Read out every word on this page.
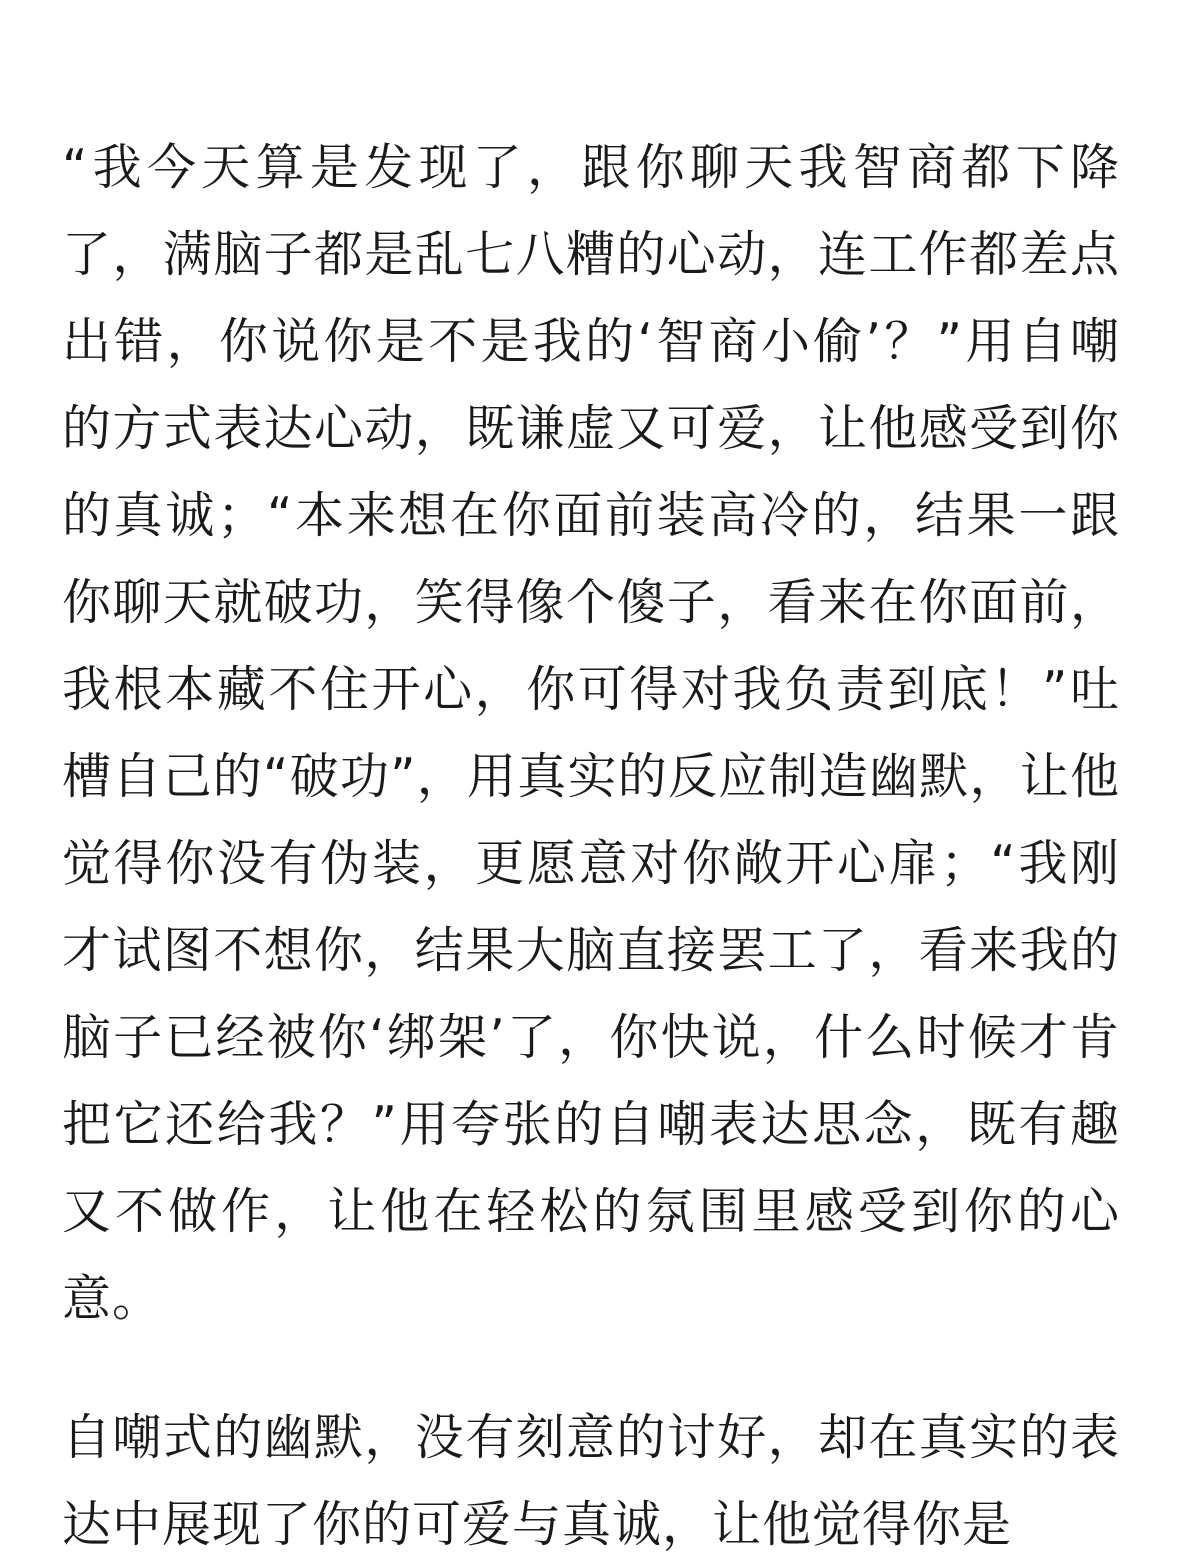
“我今天算是发现了，跟你聊天我智商都下降了，满脑子都是乱七八糟的心动，连工作都差点出错，你说你是不是我的‘智商小偷’？”用自嘲的方式表达心动，既谦虚又可爱，让他感受到你的真诚；“本来想在你面前装高冷的，结果一跟你聊天就破功，笑得像个傻子，看来在你面前，我根本藏不住开心，你可得对我负责到底！”吐槽自己的“破功”，用真实的反应制造幽默，让他觉得你没有伪装，更愿意对你敞开心扉；“我刚才试图不想你，结果大脑直接罢工了，看来我的脑子已经被你‘绑架’了，你快说，什么时候才肯把它还给我？”用夸张的自嘲表达思念，既有趣又不做作，让他在轻松的氛围里感受到你的心意。

自嘲式的幽默，没有刻意的讨好，却在真实的表达中展现了你的可爱与真诚，让他觉得你是
